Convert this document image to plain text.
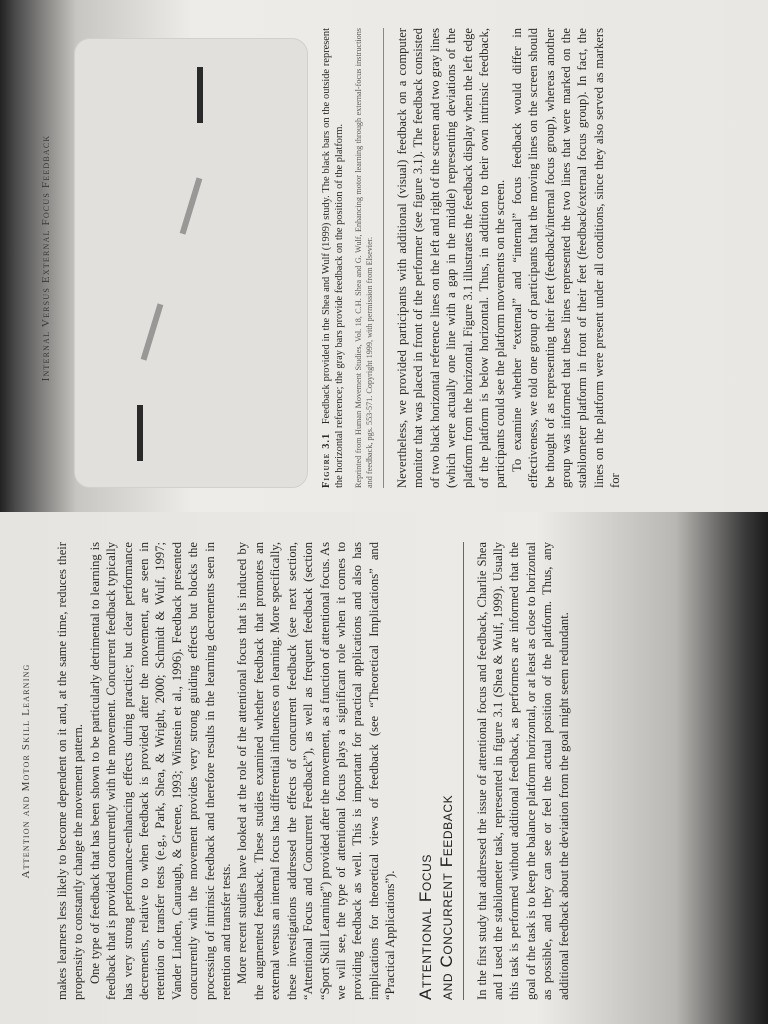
Attention and Motor Skill Learning makes learners less likely to become dependent on it and, at the same time, reduces their propensity to constantly change the movement pattern. One type of feedback that has been shown to be particularly detrimental to learning is feedback that is provided concurrently with the movement. Concurrent feedback typically has very strong performance-enhancing effects during practice; but clear performance decrements, relative to when feedback is provided after the movement, are seen in retention or transfer tests (e.g., Park, Shea, & Wright, 2000; Schmidt & Wulf, 1997; Vander Linden, Cauraugh, & Greene, 1993; Winstein et al., 1996). Feedback presented concurrently with the movement provides very strong guiding effects but blocks the processing of intrinsic feedback and therefore results in the learning decrements seen in retention and transfer tests. More recent studies have looked at the role of the attentional focus that is induced by the augmented feedback. These studies examined whether feedback that promotes an external versus an internal focus has differential influences on learning. More specifically, these investigations addressed the effects of concurrent feedback (see next section, “Attentional Focus and Concurrent Feedback”), as well as frequent feedback (section “Sport Skill Learning”) provided after the movement, as a function of attentional focus. As we will see, the type of attentional focus plays a significant role when it comes to providing feedback as well. This is important for practical applications and also has implications for theoretical views of feedback (see “Theoretical Implications” and “Practical Applications”). Attentional Focus and Concurrent Feedback In the first study that addressed the issue of attentional focus and feedback, Charlie Shea and I used the stabilometer task, represented in figure 3.1 (Shea & Wulf, 1999). Usually this task is performed without additional feedback, as performers are informed that the goal of the task is to keep the balance platform horizontal, or at least as close to horizontal as possible, and they can see or feel the actual position of the platform. Thus, any additional feedback about the deviation from the goal might seem redundant.

Internal Versus External Focus Feedback
Figure 3.1   Feedback provided in the Shea and Wulf (1999) study. The black bars on the outside represent the horizontal reference; the gray bars provide feedback on the position of the platform. Reprinted from Human Movement Studies, Vol. 18, C.H. Shea and G. Wulf, Enhancing motor learning through external-focus instructions and feedback, pgs. 553-571. Copyright 1999, with permission from Elsevier.	Nevertheless, we provided participants with additional (visual) feedback on a computer monitor that was placed in front of the performer (see figure 3.1). The feedback consisted of two black horizontal reference lines on the left and right of the screen and two gray lines (which were actually one line with a gap in the middle) representing deviations of the platform from the horizontal. Figure 3.1 illustrates the feedback display when the left edge of the platform is below horizontal. Thus, in addition to their own intrinsic feedback, participants could see the platform movements on the screen. To examine whether “external” and “internal” focus feedback would differ in effectiveness, we told one group of participants that the moving lines on the screen should be thought of as representing their feet (feedback/internal focus group), whereas another group was informed that these lines represented the two lines that were marked on the stabilometer platform in front of their feet (feedback/external focus group). In fact, the lines on the platform were present under all conditions, since they also served as markers for
